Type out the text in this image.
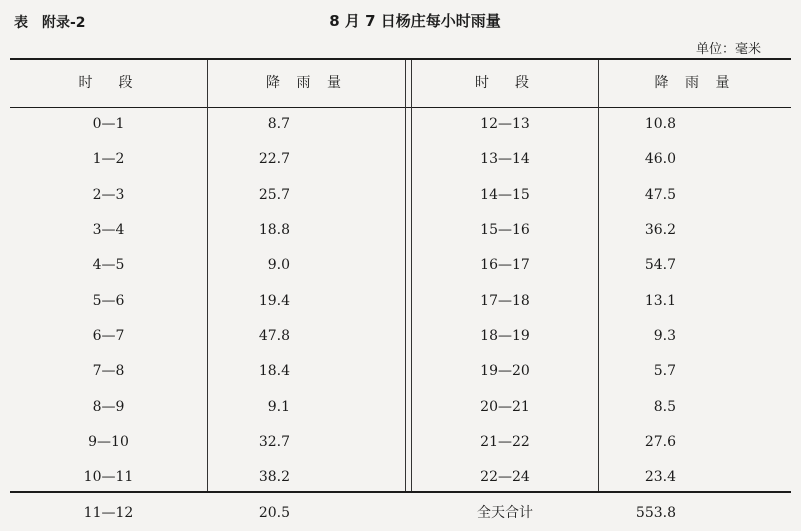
表　附录-2	8 月 7 日杨庄每小时雨量
单位：毫米
时　段
0—1
1—2
2—3
3—4
4—5
5—6
6—7
7—8
8—9
9—10
10—11
11—12
降 雨 量
8.7
22.7
25.7
18.8
9.0
19.4
47.8
18.4
9.1
32.7
38.2
20.5
时　段
12—13
13—14
14—15
15—16
16—17
17—18
18—19
19—20
20—21
21—22
22—24
全天合计
降 雨 量
10.8
46.0
47.5
36.2
54.7
13.1
9.3
5.7
8.5
27.6
23.4
553.8
